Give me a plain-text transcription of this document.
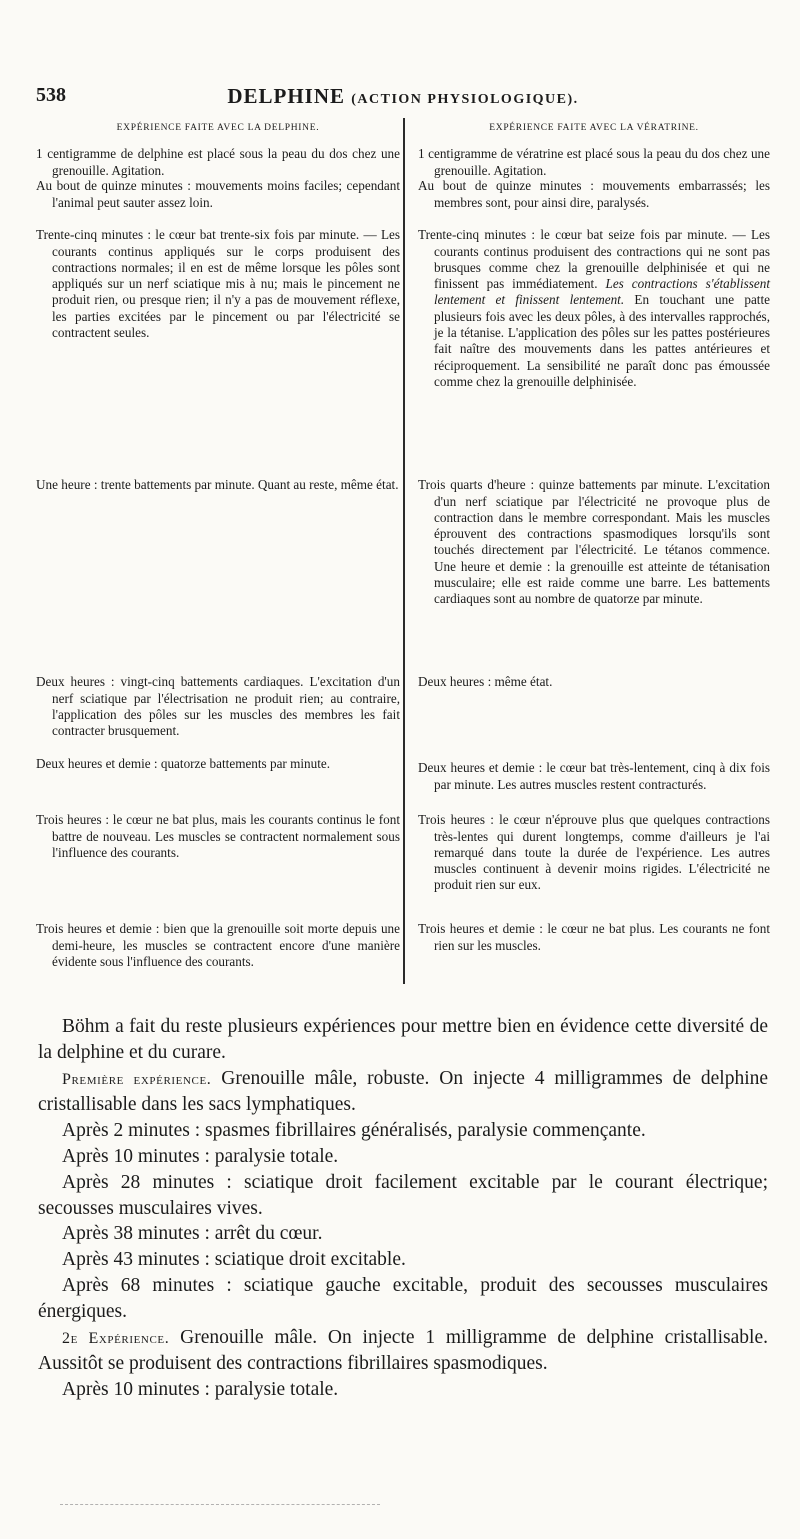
538	DELPHINE (ACTION PHYSIOLOGIQUE).
EXPÉRIENCE FAITE AVEC LA DELPHINE.
1 centigramme de delphine est placé sous la peau du dos chez une grenouille. Agitation.
Au bout de quinze minutes : mouvements moins faciles; cependant l'animal peut sauter assez loin.
Trente-cinq minutes : le cœur bat trente-six fois par minute. — Les courants continus appliqués sur le corps produisent des contractions normales; il en est de même lorsque les pôles sont appliqués sur un nerf sciatique mis à nu; mais le pincement ne produit rien, ou presque rien; il n'y a pas de mouvement réflexe, les parties excitées par le pincement ou par l'électricité se contractent seules.
Une heure : trente battements par minute. Quant au reste, même état.
Deux heures : vingt-cinq battements cardiaques. L'excitation d'un nerf sciatique par l'électrisation ne produit rien; au contraire, l'application des pôles sur les muscles des membres les fait contracter brusquement.
Deux heures et demie : quatorze battements par minute.
Trois heures : le cœur ne bat plus, mais les courants continus le font battre de nouveau. Les muscles se contractent normalement sous l'influence des courants.
Trois heures et demie : bien que la grenouille soit morte depuis une demi-heure, les muscles se contractent encore d'une manière évidente sous l'influence des courants.
EXPÉRIENCE FAITE AVEC LA VÉRATRINE.
1 centigramme de vératrine est placé sous la peau du dos chez une grenouille. Agitation.
Au bout de quinze minutes : mouvements embarrassés; les membres sont, pour ainsi dire, paralysés.
Trente-cinq minutes : le cœur bat seize fois par minute. — Les courants continus produisent des contractions qui ne sont pas brusques comme chez la grenouille delphinisée et qui ne finissent pas immédiatement. Les contractions s'établissent lentement et finissent lentement. En touchant une patte plusieurs fois avec les deux pôles, à des intervalles rapprochés, je la tétanise. L'application des pôles sur les pattes postérieures fait naître des mouvements dans les pattes antérieures et réciproquement. La sensibilité ne paraît donc pas émoussée comme chez la grenouille delphinisée.
Trois quarts d'heure : quinze battements par minute. L'excitation d'un nerf sciatique par l'électricité ne provoque plus de contraction dans le membre correspondant. Mais les muscles éprouvent des contractions spasmodiques lorsqu'ils sont touchés directement par l'électricité. Le tétanos commence. Une heure et demie : la grenouille est atteinte de tétanisation musculaire; elle est raide comme une barre. Les battements cardiaques sont au nombre de quatorze par minute.
Deux heures : même état.
Deux heures et demie : le cœur bat très-lentement, cinq à dix fois par minute. Les autres muscles restent contracturés.
Trois heures : le cœur n'éprouve plus que quelques contractions très-lentes qui durent longtemps, comme d'ailleurs je l'ai remarqué dans toute la durée de l'expérience. Les autres muscles continuent à devenir moins rigides. L'électricité ne produit rien sur eux.
Trois heures et demie : le cœur ne bat plus. Les courants ne font rien sur les muscles.

Böhm a fait du reste plusieurs expériences pour mettre bien en évidence cette diversité de la delphine et du curare.

Première expérience. Grenouille mâle, robuste. On injecte 4 milligrammes de delphine cristallisable dans les sacs lymphatiques.

Après 2 minutes : spasmes fibrillaires généralisés, paralysie commençante.

Après 10 minutes : paralysie totale.

Après 28 minutes : sciatique droit facilement excitable par le courant électrique; secousses musculaires vives.

Après 38 minutes : arrêt du cœur.

Après 43 minutes : sciatique droit excitable.

Après 68 minutes : sciatique gauche excitable, produit des secousses musculaires énergiques.

2e Expérience. Grenouille mâle. On injecte 1 milligramme de delphine cristallisable. Aussitôt se produisent des contractions fibrillaires spasmodiques.

Après 10 minutes : paralysie totale.
